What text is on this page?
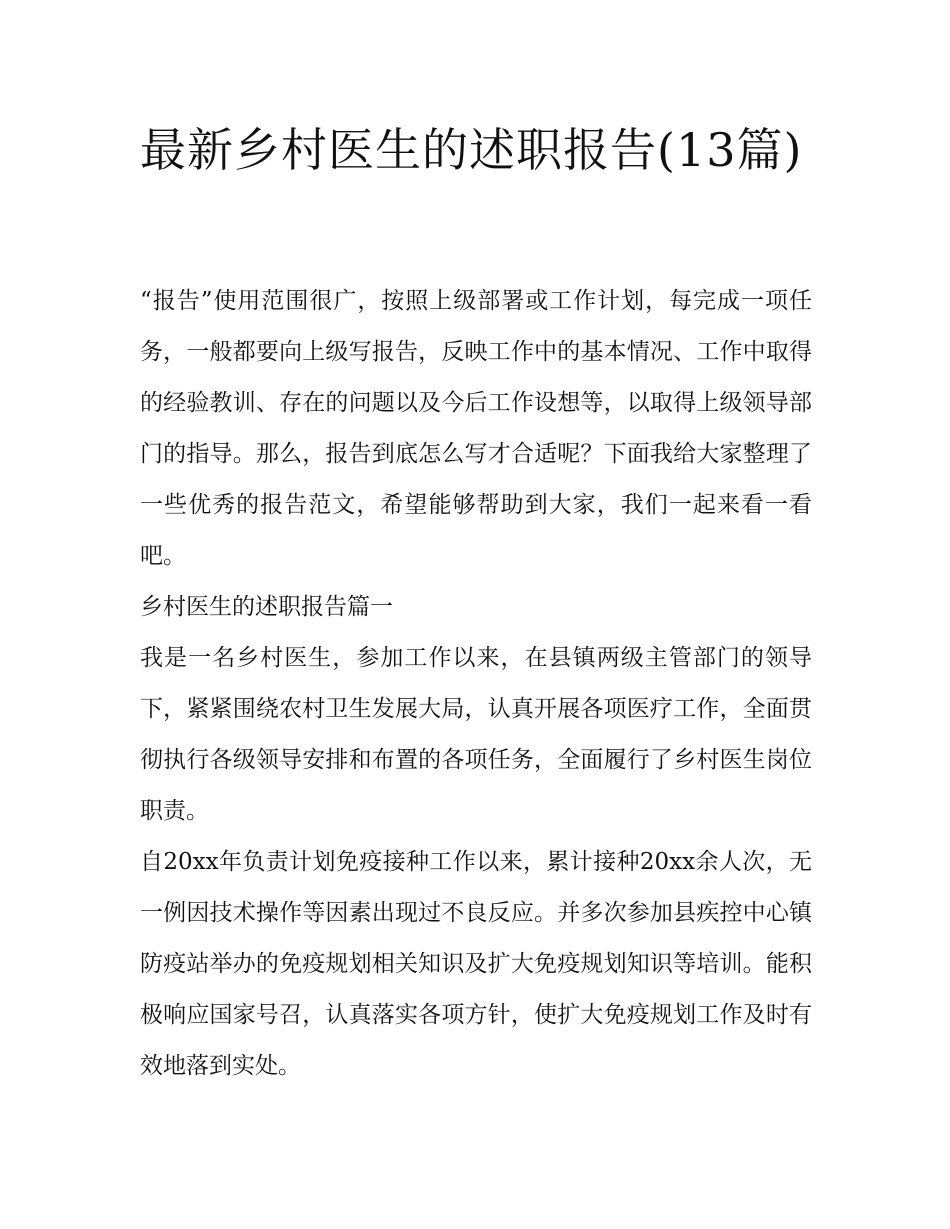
最新乡村医生的述职报告(13篇)

“报告”使用范围很广，按照上级部署或工作计划，每完成一项任务，一般都要向上级写报告，反映工作中的基本情况、工作中取得的经验教训、存在的问题以及今后工作设想等，以取得上级领导部门的指导。那么，报告到底怎么写才合适呢？下面我给大家整理了一些优秀的报告范文，希望能够帮助到大家，我们一起来看一看吧。

乡村医生的述职报告篇一

我是一名乡村医生，参加工作以来，在县镇两级主管部门的领导下，紧紧围绕农村卫生发展大局，认真开展各项医疗工作，全面贯彻执行各级领导安排和布置的各项任务，全面履行了乡村医生岗位职责。

自20xx年负责计划免疫接种工作以来，累计接种20xx余人次，无一例因技术操作等因素出现过不良反应。并多次参加县疾控中心镇防疫站举办的免疫规划相关知识及扩大免疫规划知识等培训。能积极响应国家号召，认真落实各项方针，使扩大免疫规划工作及时有效地落到实处。
